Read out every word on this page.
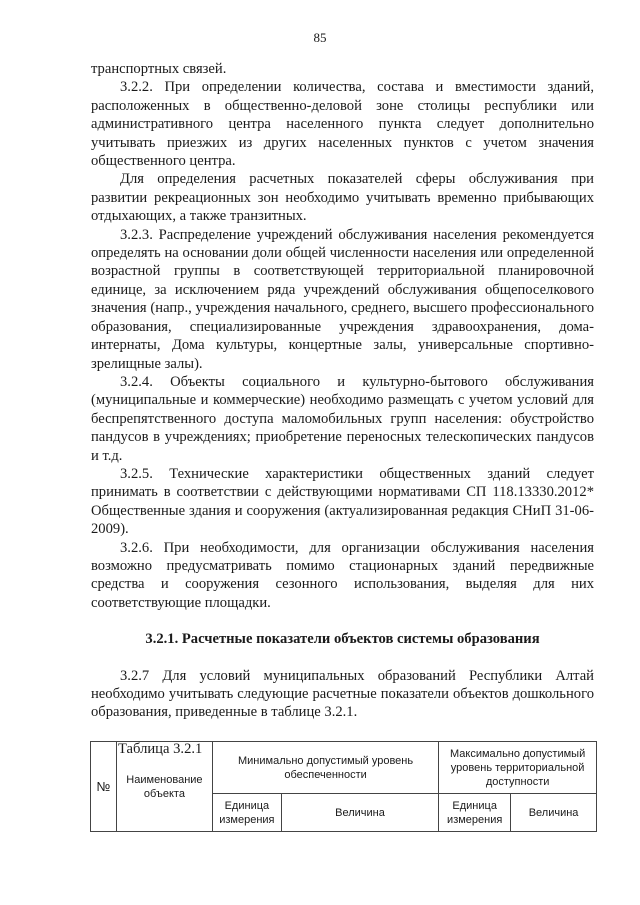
85

транспортных связей.

3.2.2. При определении количества, состава и вместимости зданий, расположенных в общественно-деловой зоне столицы республики или административного центра населенного пункта следует дополнительно учитывать приезжих из других населенных пунктов с учетом значения общественного центра.

Для определения расчетных показателей сферы обслуживания при развитии рекреационных зон необходимо учитывать временно прибывающих отдыхающих, а также транзитных.

3.2.3. Распределение учреждений обслуживания населения рекомендуется определять на основании доли общей численности населения или определенной возрастной группы в соответствующей территориальной планировочной единице, за исключением ряда учреждений обслуживания общепоселкового значения (напр., учреждения начального, среднего, высшего профессионального образования, специализированные учреждения здравоохранения, дома-интернаты, Дома культуры, концертные залы, универсальные спортивно-зрелищные залы).

3.2.4. Объекты социального и культурно-бытового обслуживания (муниципальные и коммерческие) необходимо размещать с учетом условий для беспрепятственного доступа маломобильных групп населения: обустройство пандусов в учреждениях; приобретение переносных телескопических пандусов и т.д.

3.2.5. Технические характеристики общественных зданий следует принимать в соответствии с действующими нормативами СП 118.13330.2012* Общественные здания и сооружения (актуализированная редакция СНиП 31-06-2009).

3.2.6. При необходимости, для организации обслуживания населения возможно предусматривать помимо стационарных зданий передвижные средства и сооружения сезонного использования, выделяя для них соответствующие площадки.

3.2.1. Расчетные показатели объектов системы образования

3.2.7 Для условий муниципальных образований Республики Алтай необходимо учитывать следующие расчетные показатели объектов дошкольного образования, приведенные в таблице 3.2.1.

Таблица 3.2.1

№	Наименование объекта	Минимально допустимый уровень обеспеченности		Максимально допустимый уровень территориальной доступности	
		Единица измерения	Величина	Единица измерения	Величина
